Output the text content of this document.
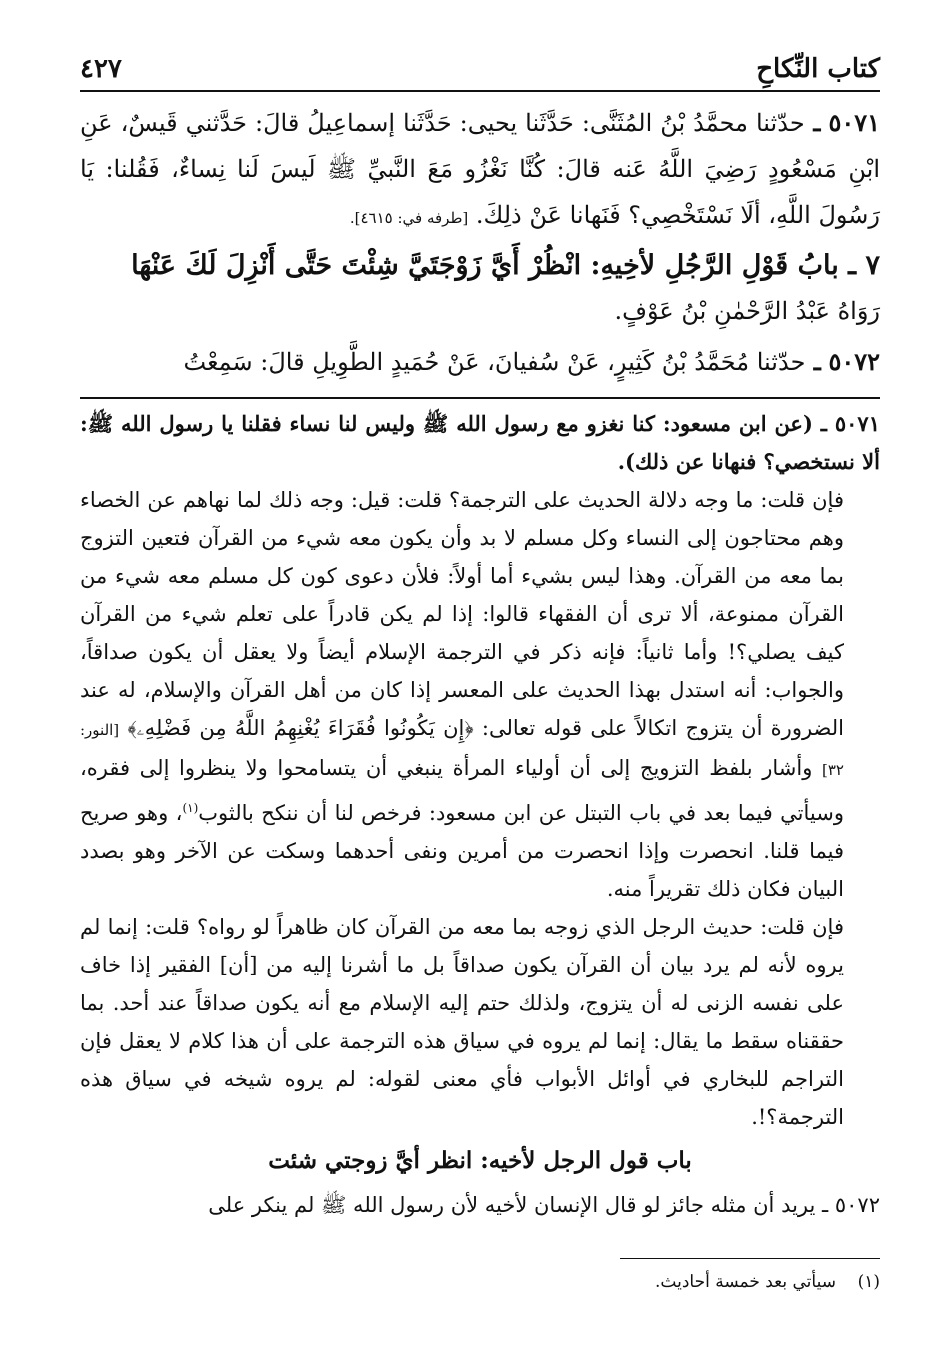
كتاب النِّكاحِ
٤٢٧

٥٠٧١ ـ حدّثنا محمَّدُ بْنُ المُثَنَّى: حَدَّثَنا يحيى: حَدَّثَنا إسماعِيلُ قالَ: حَدَّثني قَيسٌ، عَنِ ابْنِ مَسْعُودٍ رَضِيَ اللَّهُ عَنه قالَ: كُنَّا نَغْزُو مَعَ النَّبيِّ ﷺ لَيسَ لَنا نِساءٌ، فَقُلنا: يَا رَسُولَ اللَّهِ، ألَا نَسْتَخْصِي؟ فَنَهانا عَنْ ذلِكَ. [طرفه في: ٤٦١٥].

٧ ـ بابُ قَوْلِ الرَّجُلِ لأخِيهِ: انْظُرْ أَيَّ زَوْجَتَيَّ شِئْتَ حَتَّى أَنْزِلَ لَكَ عَنْهَا

رَوَاهُ عَبْدُ الرَّحْمٰنِ بْنُ عَوْفٍ.

٥٠٧٢ ـ حدّثنا مُحَمَّدُ بْنُ كَثِيرٍ، عَنْ سُفيانَ، عَنْ حُمَيدٍ الطَّوِيلِ قالَ: سَمِعْتُ

٥٠٧١ ـ (عن ابن مسعود: كنا نغزو مع رسول الله ﷺ وليس لنا نساء فقلنا يا رسول الله ﷺ: ألا نستخصي؟ فنهانا عن ذلك).

فإن قلت: ما وجه دلالة الحديث على الترجمة؟ قلت: قيل: وجه ذلك لما نهاهم عن الخصاء وهم محتاجون إلى النساء وكل مسلم لا بد وأن يكون معه شيء من القرآن فتعين التزوج بما معه من القرآن. وهذا ليس بشيء أما أولاً: فلأن دعوى كون كل مسلم معه شيء من القرآن ممنوعة، ألا ترى أن الفقهاء قالوا: إذا لم يكن قادراً على تعلم شيء من القرآن كيف يصلي؟! وأما ثانياً: فإنه ذكر في الترجمة الإسلام أيضاً ولا يعقل أن يكون صداقاً، والجواب: أنه استدل بهذا الحديث على المعسر إذا كان من أهل القرآن والإسلام، له عند الضرورة أن يتزوج اتكالاً على قوله تعالى: ﴿إِن يَكُونُوا فُقَرَاءَ يُغْنِهِمُ اللَّهُ مِن فَضْلِهِۦ﴾ [النور: ٣٢] وأشار بلفظ التزويج إلى أن أولياء المرأة ينبغي أن يتسامحوا ولا ينظروا إلى فقره، وسيأتي فيما بعد في باب التبتل عن ابن مسعود: فرخص لنا أن ننكح بالثوب$^{(١)}$، وهو صريح فيما قلنا. انحصرت وإذا انحصرت من أمرين ونفى أحدهما وسكت عن الآخر وهو بصدد البيان فكان ذلك تقريراً منه.

فإن قلت: حديث الرجل الذي زوجه بما معه من القرآن كان ظاهراً لو رواه؟ قلت: إنما لم يروه لأنه لم يرد بيان أن القرآن يكون صداقاً بل ما أشرنا إليه من [أن] الفقير إذا خاف على نفسه الزنى له أن يتزوج، ولذلك حتم إليه الإسلام مع أنه يكون صداقاً عند أحد. بما حققناه سقط ما يقال: إنما لم يروه في سياق هذه الترجمة على أن هذا كلام لا يعقل فإن التراجم للبخاري في أوائل الأبواب فأي معنى لقوله: لم يروه شيخه في سياق هذه الترجمة؟!.

باب قول الرجل لأخيه: انظر أيَّ زوجتي شئت

٥٠٧٢ ـ يريد أن مثله جائز لو قال الإنسان لأخيه لأن رسول الله ﷺ لم ينكر على

(١)    سيأتي بعد خمسة أحاديث.
